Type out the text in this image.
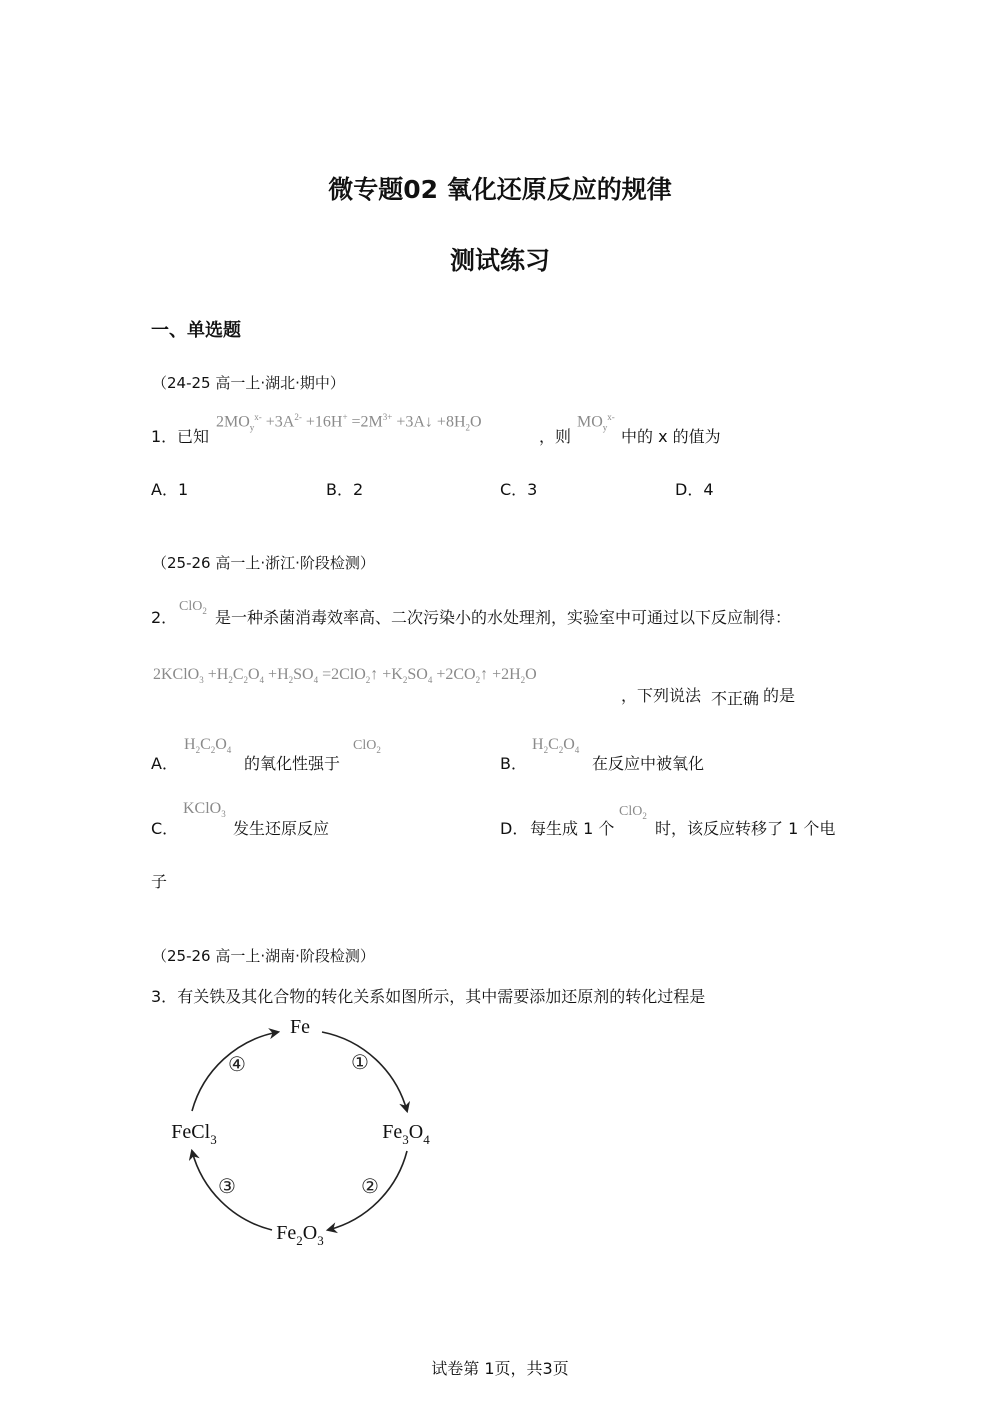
微专题02 氧化还原反应的规律
测试练习
一、单选题
（24-25 高一上·湖北·期中）
1． 已知
$2MO_y^{x-} +3A^{2-} +16H^+ =2M^{3+}$ +3A↓ $+8H_2O$
，则
$MO_y^{x-}$
中的 x 的值为
A．1	B．2	C．3	D．4
（25-26 高一上·浙江·阶段检测）
2．
ClO$_2$ 是一种杀菌消毒效率高、二次污染小的水处理剂，实验室中可通过以下反应制得：
2KClO$_3$ $+H_2C_2O_4 +H_2SO_4$ =2ClO$_2$↑ $+K_2SO_4$ $+2CO_2↑ +2H_2O$
，下列说法 不正确 的是
A．
$H_2C_2O_4$
的氧化性强于
ClO$_2$
B．
$H_2C_2O_4$
在反应中被氧化
C．
KClO$_3$
发生还原反应	D． 每生成 1 个
ClO$_2$
时，该反应转移了 1 个电
子
（25-26 高一上·湖南·阶段检测）
3．有关铁及其化合物的转化关系如图所示，其中需要添加还原剂的转化过程是
Fe
$Fe_3O_4$
$Fe_2O_3$
FeCl$_3$
①
②
③
④
试卷第 1页，共3页
